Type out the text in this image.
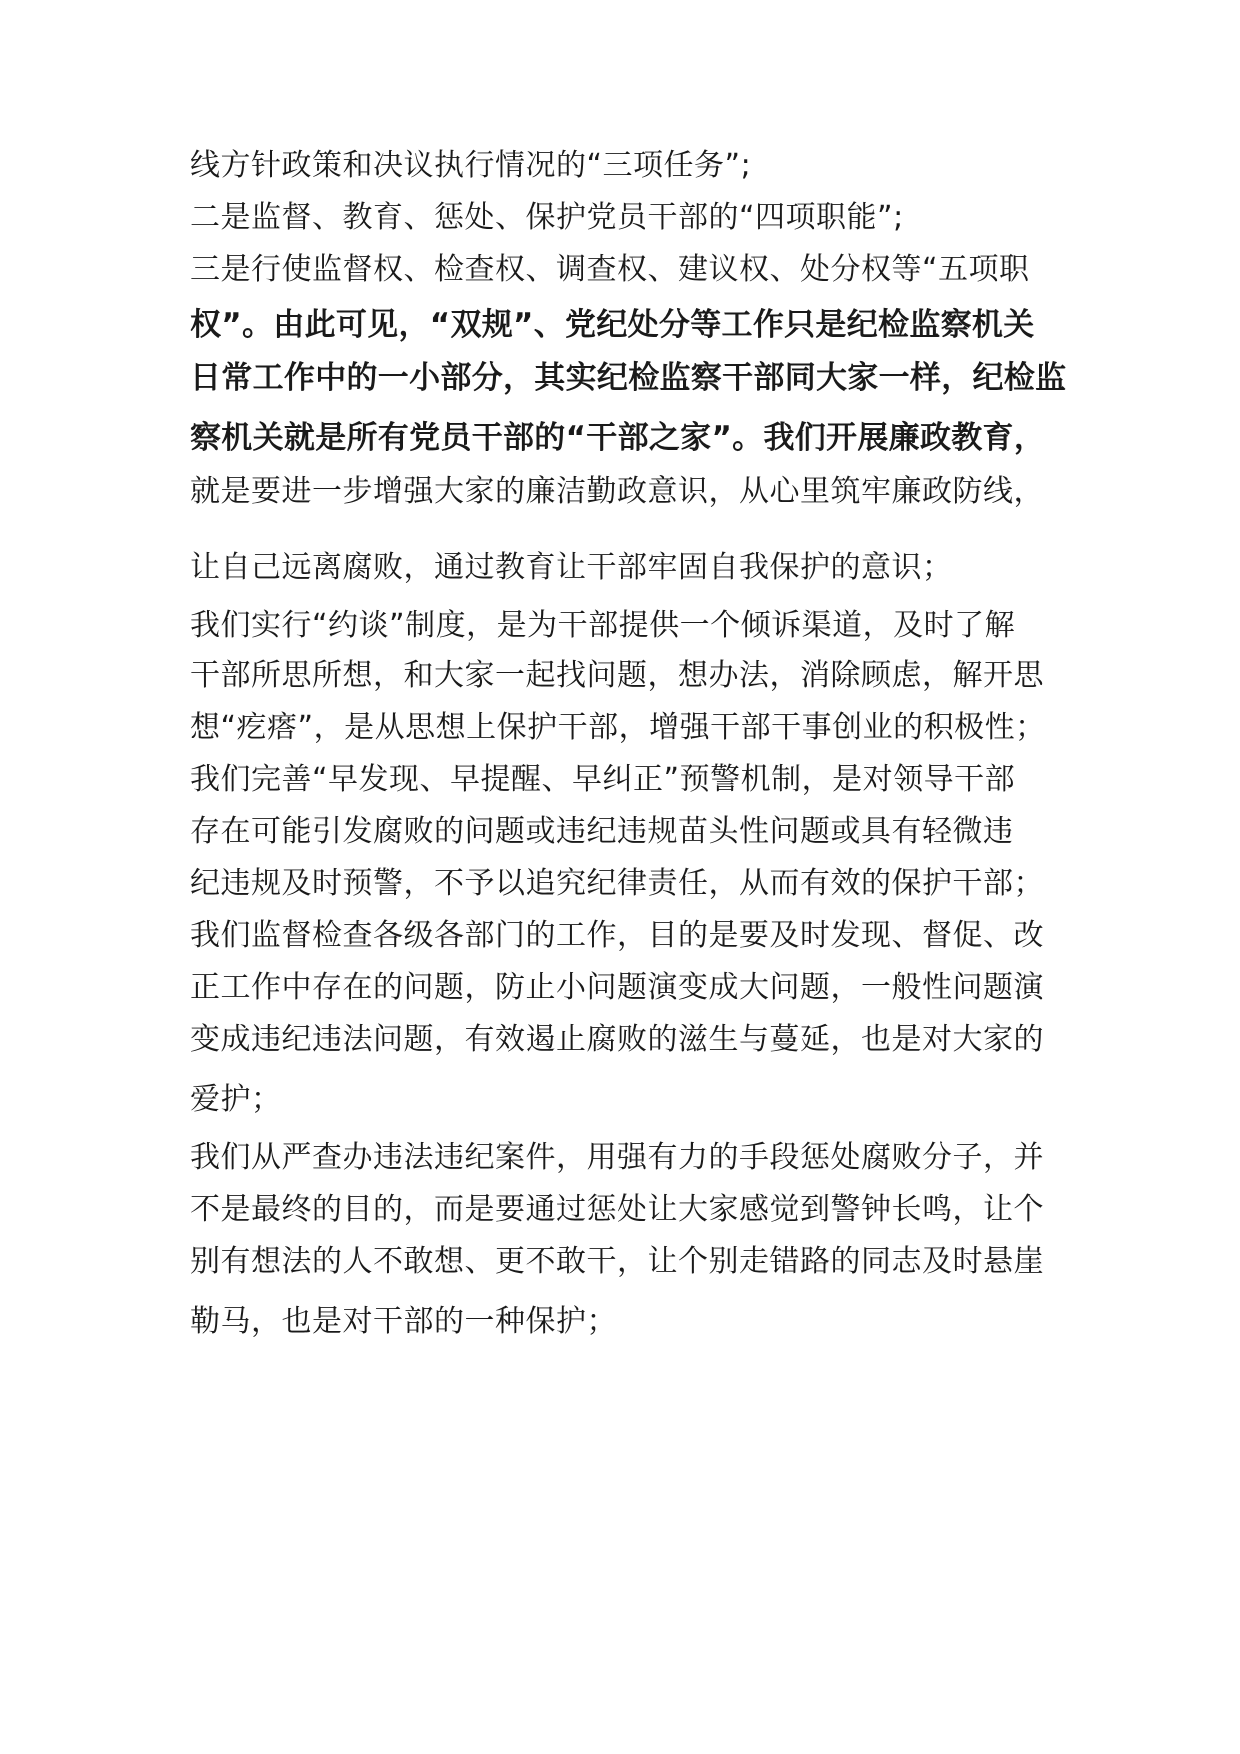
线方针政策和决议执行情况的“三项任务”;
二是监督、教育、惩处、保护党员干部的“四项职能”;
三是行使监督权、检查权、调查权、建议权、处分权等“五项职
权”。由此可见，“双规”、党纪处分等工作只是纪检监察机关
日常工作中的一小部分，其实纪检监察干部同大家一样，纪检监
察机关就是所有党员干部的“干部之家”。我们开展廉政教育，
就是要进一步增强大家的廉洁勤政意识，从心里筑牢廉政防线，
让自己远离腐败，通过教育让干部牢固自我保护的意识；
我们实行“约谈”制度，是为干部提供一个倾诉渠道，及时了解
干部所思所想，和大家一起找问题，想办法，消除顾虑，解开思
想“疙瘩”，是从思想上保护干部，增强干部干事创业的积极性；
我们完善“早发现、早提醒、早纠正”预警机制，是对领导干部
存在可能引发腐败的问题或违纪违规苗头性问题或具有轻微违
纪违规及时预警，不予以追究纪律责任，从而有效的保护干部；
我们监督检查各级各部门的工作，目的是要及时发现、督促、改
正工作中存在的问题，防止小问题演变成大问题，一般性问题演
变成违纪违法问题，有效遏止腐败的滋生与蔓延，也是对大家的
爱护；
我们从严查办违法违纪案件，用强有力的手段惩处腐败分子，并
不是最终的目的，而是要通过惩处让大家感觉到警钟长鸣，让个
别有想法的人不敢想、更不敢干，让个别走错路的同志及时悬崖
勒马，也是对干部的一种保护；
